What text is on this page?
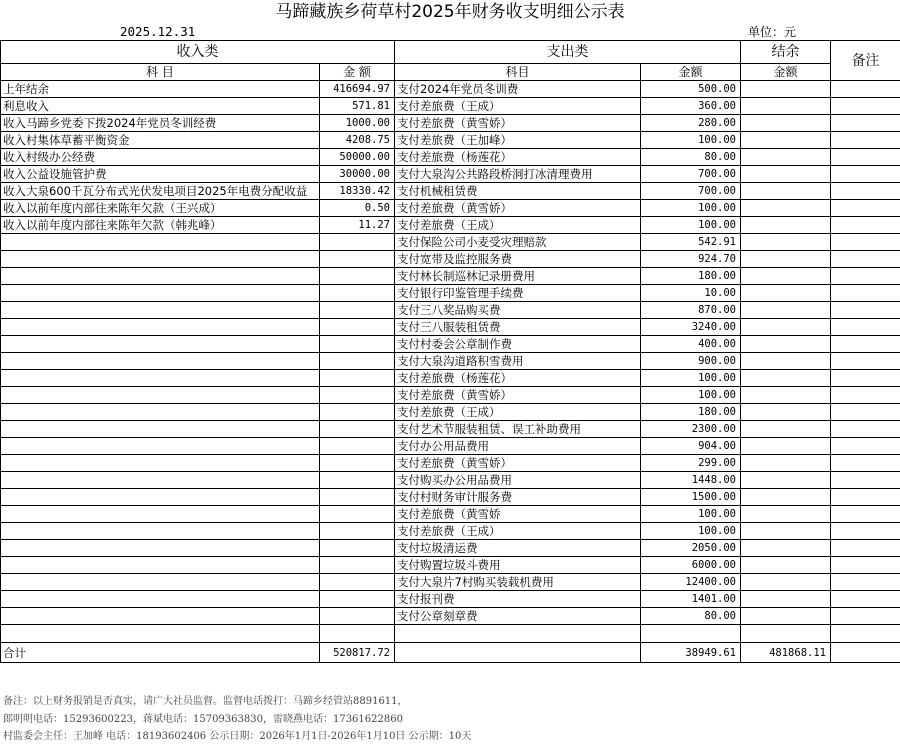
马蹄藏族乡荷草村2025年财务收支明细公示表
2025.12.31	单位：元
收入类		支出类		结余	备注
科 目	金 额	科目	金额	金额	
上年结余	416694.97	支付2024年党员冬训费	500.00		
利息收入	571.81	支付差旅费（王成）	360.00		
收入马蹄乡党委下拨2024年党员冬训经费	1000.00	支付差旅费（黄雪娇）	280.00		
收入村集体草蓄平衡资金	4208.75	支付差旅费（王加峰）	100.00		
收入村级办公经费	50000.00	支付差旅费（杨莲花）	80.00		
收入公益设施管护费	30000.00	支付大泉沟公共路段桥洞打冰清理费用	700.00		
收入大泉600千瓦分布式光伏发电项目2025年电费分配收益	18330.42	支付机械租赁费	700.00		
收入以前年度内部往来陈年欠款（王兴成）	0.50	支付差旅费（黄雪娇）	100.00		
收入以前年度内部往来陈年欠款（韩兆峰）	11.27	支付差旅费（王成）	100.00		
		支付保险公司小麦受灾理赔款	542.91		
		支付宽带及监控服务费	924.70		
		支付林长制巡林记录册费用	180.00		
		支付银行印鉴管理手续费	10.00		
		支付三八奖品购买费	870.00		
		支付三八服装租赁费	3240.00		
		支付村委会公章制作费	400.00		
		支付大泉沟道路积雪费用	900.00		
		支付差旅费（杨莲花）	100.00		
		支付差旅费（黄雪娇）	100.00		
		支付差旅费（王成）	180.00		
		支付艺术节服装租赁、误工补助费用	2300.00		
		支付办公用品费用	904.00		
		支付差旅费（黄雪娇）	299.00		
		支付购买办公用品费用	1448.00		
		支付村财务审计服务费	1500.00		
		支付差旅费（黄雪娇	100.00		
		支付差旅费（王成）	100.00		
		支付垃圾清运费	2050.00		
		支付购置垃圾斗费用	6000.00		
		支付大泉片7村购买装载机费用	12400.00		
		支付报刊费	1401.00		
		支付公章刻章费	80.00		

合计	520817.72		38949.61	481868.11	
备注：以上财务报销是否真实，请广大社员监督。监督电话拨打：马蹄乡经管站8891611，
郎明明电话：15293600223，蒋斌电话：15709363830，雷晓燕电话：17361622860
村监委会主任：王加峰 电话：18193602406 公示日期：2026年1月1日-2026年1月10日 公示期：10天
